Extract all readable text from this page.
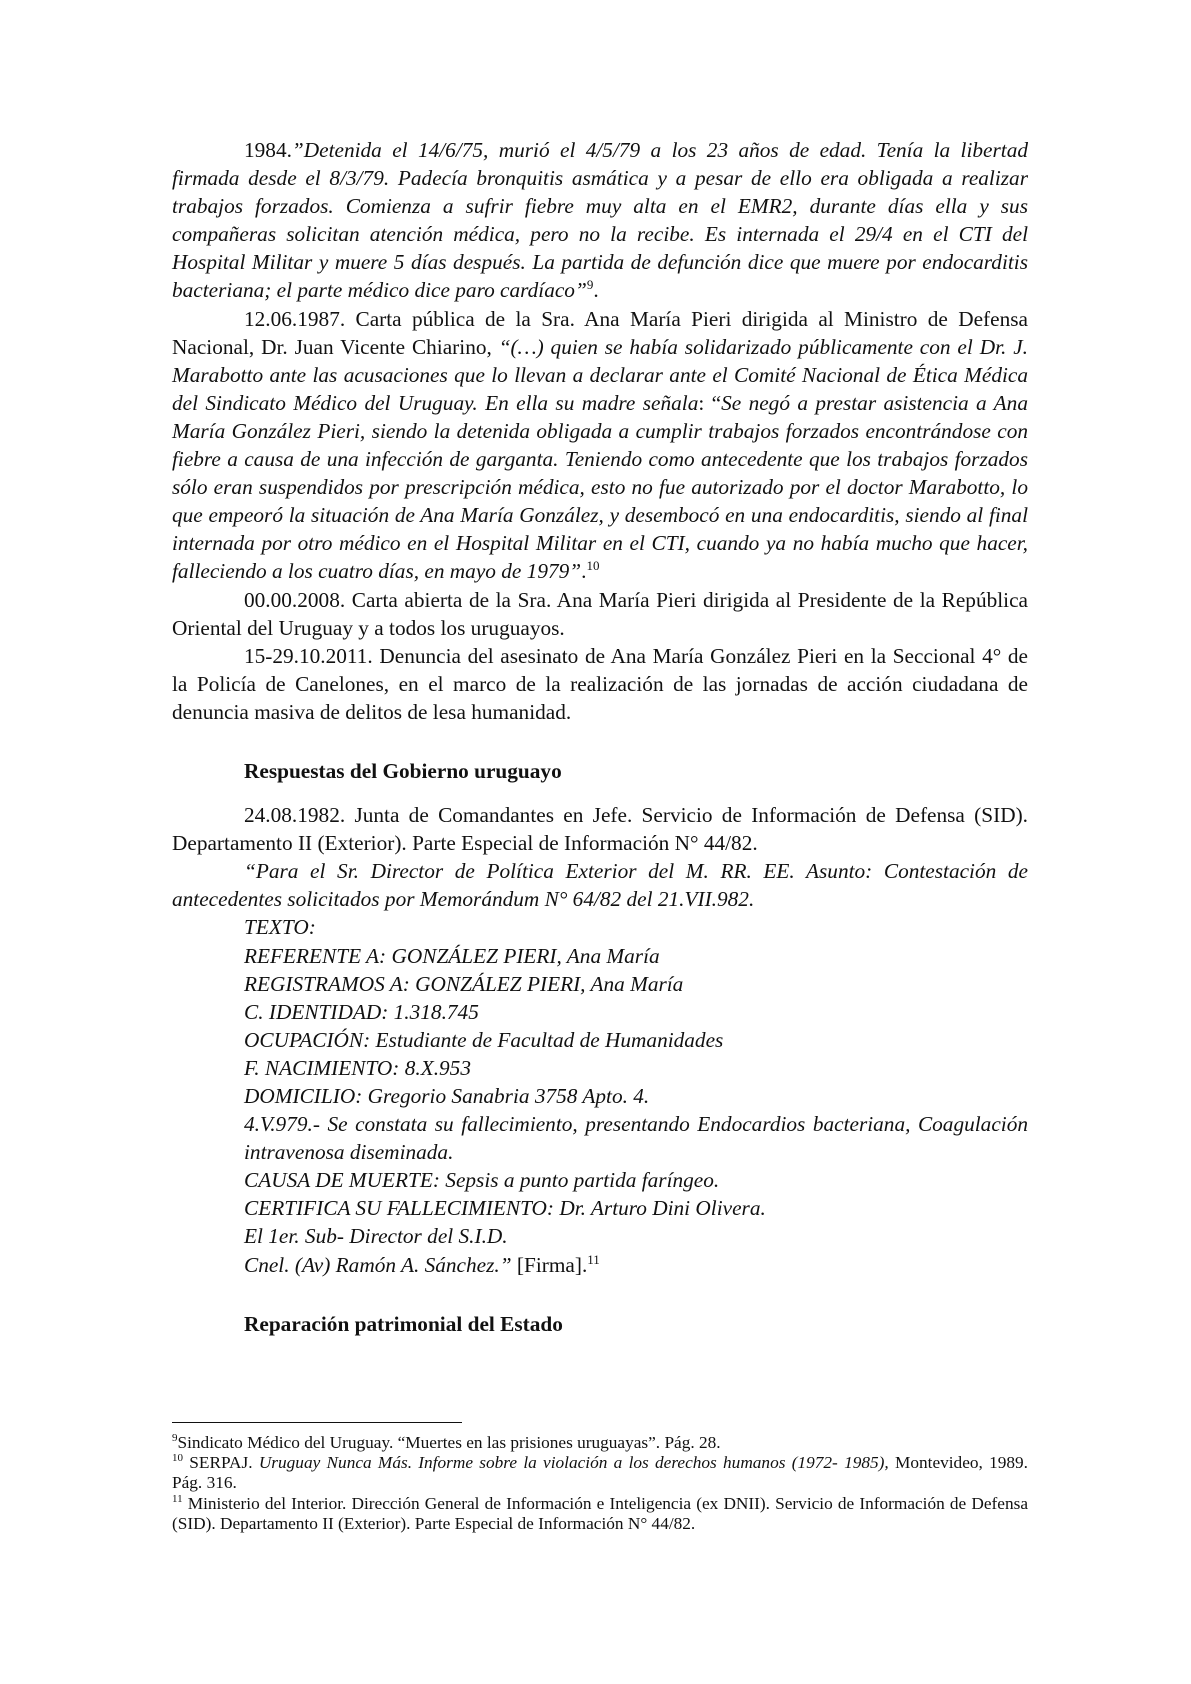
1984.”Detenida el 14/6/75, murió el 4/5/79 a los 23 años de edad. Tenía la libertad firmada desde el 8/3/79. Padecía bronquitis asmática y a pesar de ello era obligada a realizar trabajos forzados. Comienza a sufrir fiebre muy alta en el EMR2, durante días ella y sus compañeras solicitan atención médica, pero no la recibe. Es internada el 29/4 en el CTI del Hospital Militar y muere 5 días después. La partida de defunción dice que muere por endocarditis bacteriana; el parte médico dice paro cardíaco”$^9$.

12.06.1987. Carta pública de la Sra. Ana María Pieri dirigida al Ministro de Defensa Nacional, Dr. Juan Vicente Chiarino, “(…) quien se había solidarizado públicamente con el Dr. J. Marabotto ante las acusaciones que lo llevan a declarar ante el Comité Nacional de Ética Médica del Sindicato Médico del Uruguay. En ella su madre señala: “Se negó a prestar asistencia a Ana María González Pieri, siendo la detenida obligada a cumplir trabajos forzados encontrándose con fiebre a causa de una infección de garganta. Teniendo como antecedente que los trabajos forzados sólo eran suspendidos por prescripción médica, esto no fue autorizado por el doctor Marabotto, lo que empeoró la situación de Ana María González, y desembocó en una endocarditis, siendo al final internada por otro médico en el Hospital Militar en el CTI, cuando ya no había mucho que hacer, falleciendo a los cuatro días, en mayo de 1979”.$^{10}$

00.00.2008. Carta abierta de la Sra. Ana María Pieri dirigida al Presidente de la República Oriental del Uruguay y a todos los uruguayos.

15-29.10.2011. Denuncia del asesinato de Ana María González Pieri en la Seccional 4° de la Policía de Canelones, en el marco de la realización de las jornadas de acción ciudadana de denuncia masiva de delitos de lesa humanidad.

Respuestas del Gobierno uruguayo

24.08.1982. Junta de Comandantes en Jefe. Servicio de Información de Defensa (SID). Departamento II (Exterior). Parte Especial de Información N° 44/82.

“Para el Sr. Director de Política Exterior del M. RR. EE. Asunto: Contestación de antecedentes solicitados por Memorándum N° 64/82 del 21.VII.982.

TEXTO:

REFERENTE A: GONZÁLEZ PIERI, Ana María

REGISTRAMOS A: GONZÁLEZ PIERI, Ana María

C. IDENTIDAD: 1.318.745

OCUPACIÓN: Estudiante de Facultad de Humanidades

F. NACIMIENTO: 8.X.953

DOMICILIO: Gregorio Sanabria 3758 Apto. 4.

4.V.979.- Se constata su fallecimiento, presentando Endocardios bacteriana, Coagulación intravenosa diseminada.

CAUSA DE MUERTE: Sepsis a punto partida faríngeo.

CERTIFICA SU FALLECIMIENTO: Dr. Arturo Dini Olivera.

El 1er. Sub- Director del S.I.D.

Cnel. (Av) Ramón A. Sánchez.” [Firma].$^{11}$

Reparación patrimonial del Estado

$^9$Sindicato Médico del Uruguay. “Muertes en las prisiones uruguayas”. Pág. 28.

$^{10}$ SERPAJ. Uruguay Nunca Más. Informe sobre la violación a los derechos humanos (1972- 1985), Montevideo, 1989. Pág. 316.

$^{11}$ Ministerio del Interior. Dirección General de Información e Inteligencia (ex DNII). Servicio de Información de Defensa (SID). Departamento II (Exterior). Parte Especial de Información N° 44/82.
